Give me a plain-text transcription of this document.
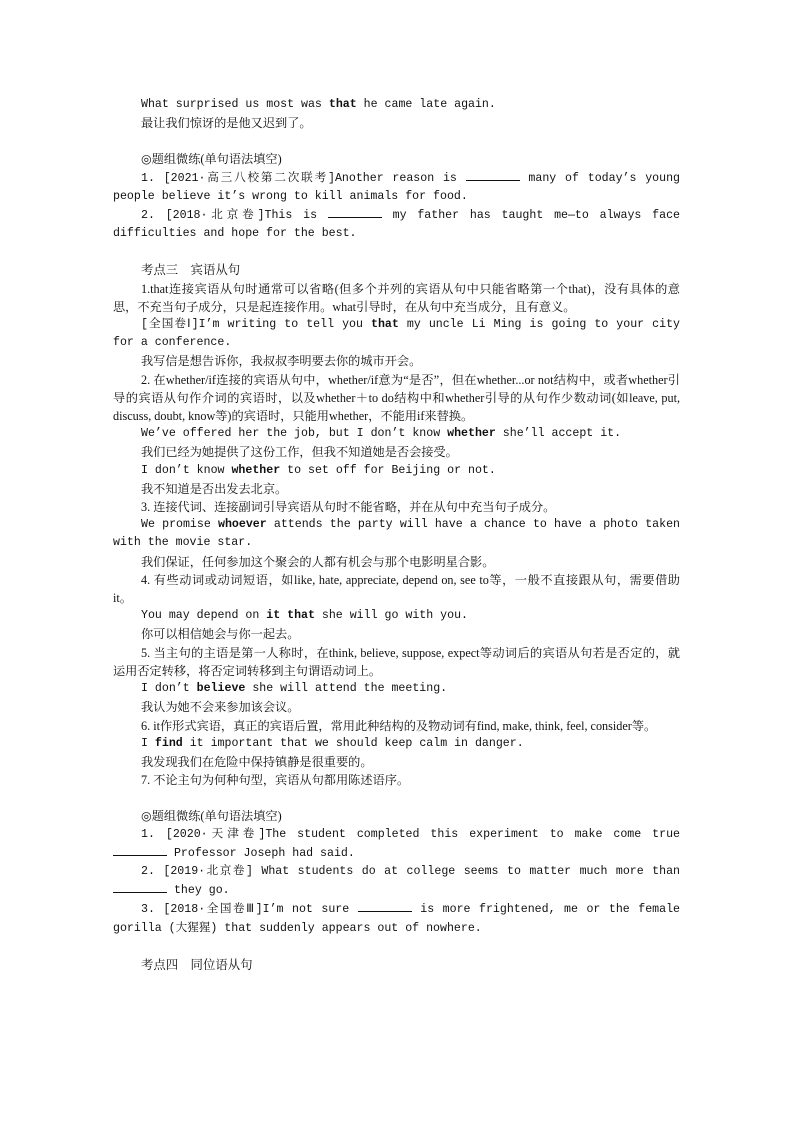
What surprised us most was that he came late again.

最让我们惊讶的是他又迟到了。

◎题组微练(单句语法填空)

1. [2021·高三八校第二次联考]Another reason is	many of today’s young people believe it’s wrong to kill animals for food.

2. [2018·北京卷]This is	my father has taught me—to always face difficulties and hope for the best.

考点三　宾语从句

1.that连接宾语从句时通常可以省略(但多个并列的宾语从句中只能省略第一个that)，没有具体的意思，不充当句子成分，只是起连接作用。what引导时，在从句中充当成分，且有意义。

[全国卷Ⅰ]I’m writing to tell you that my uncle Li Ming is going to your city for a conference.

我写信是想告诉你，我叔叔李明要去你的城市开会。

2. 在whether/if连接的宾语从句中，whether/if意为“是否”，但在whether...or not结构中，或者whether引导的宾语从句作介词的宾语时，以及whether＋to do结构中和whether引导的从句作少数动词(如leave, put, discuss, doubt, know等)的宾语时，只能用whether，不能用if来替换。

We’ve offered her the job, but I don’t know whether she’ll accept it.

我们已经为她提供了这份工作，但我不知道她是否会接受。

I don’t know whether to set off for Beijing or not.

我不知道是否出发去北京。

3. 连接代词、连接副词引导宾语从句时不能省略，并在从句中充当句子成分。

We promise whoever attends the party will have a chance to have a photo taken with the movie star.

我们保证，任何参加这个聚会的人都有机会与那个电影明星合影。

4. 有些动词或动词短语，如like, hate, appreciate, depend on, see to等，一般不直接跟从句，需要借助it。

You may depend on it that she will go with you.

你可以相信她会与你一起去。

5. 当主句的主语是第一人称时，在think, believe, suppose, expect等动词后的宾语从句若是否定的，就运用否定转移，将否定词转移到主句谓语动词上。

I don’t believe she will attend the meeting.

我认为她不会来参加该会议。

6. it作形式宾语，真正的宾语后置，常用此种结构的及物动词有find, make, think, feel, consider等。

I find it important that we should keep calm in danger.

我发现我们在危险中保持镇静是很重要的。

7. 不论主句为何种句型，宾语从句都用陈述语序。

◎题组微练(单句语法填空)

1. [2020·天津卷]The student completed this experiment to make come true  Professor Joseph had said.

2. [2019·北京卷] What students do at college seems to matter much more than  they go.

3. [2018·全国卷Ⅲ]I’m not sure	is more frightened, me or the female gorilla (大猩猩) that suddenly appears out of nowhere.

考点四　同位语从句
